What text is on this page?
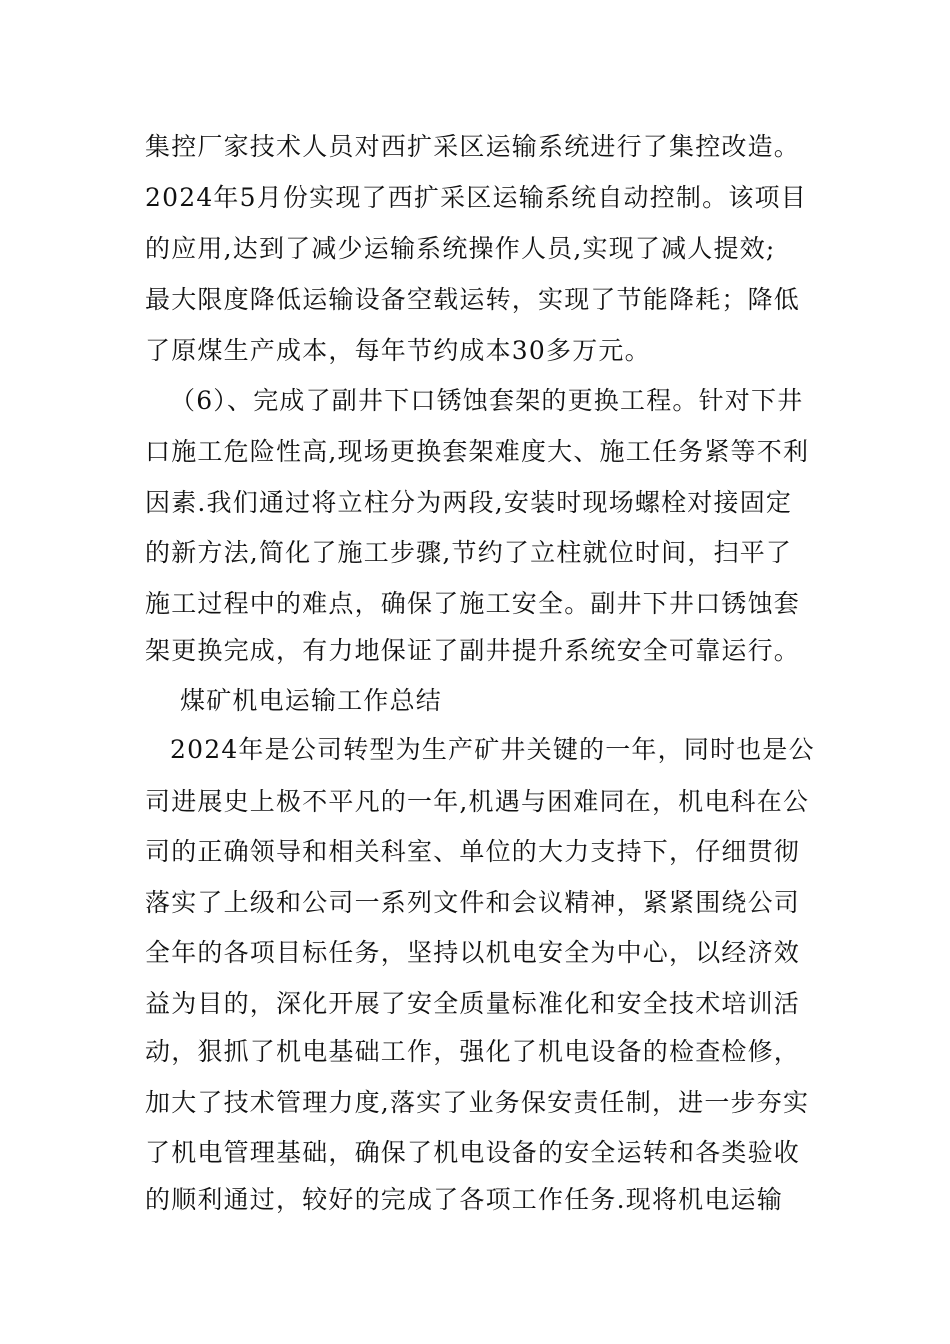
集控厂家技术人员对西扩采区运输系统进行了集控改造。
2024年5月份实现了西扩采区运输系统自动控制。该项目
的应用,达到了减少运输系统操作人员,实现了减人提效;
最大限度降低运输设备空载运转，实现了节能降耗；降低
了原煤生产成本，每年节约成本30多万元。
（6）、完成了副井下口锈蚀套架的更换工程。针对下井
口施工危险性高,现场更换套架难度大、施工任务紧等不利
因素.我们通过将立柱分为两段,安装时现场螺栓对接固定
的新方法,简化了施工步骤,节约了立柱就位时间，扫平了
施工过程中的难点，确保了施工安全。副井下井口锈蚀套
架更换完成，有力地保证了副井提升系统安全可靠运行。
煤矿机电运输工作总结
2024年是公司转型为生产矿井关键的一年，同时也是公
司进展史上极不平凡的一年,机遇与困难同在，机电科在公
司的正确领导和相关科室、单位的大力支持下，仔细贯彻
落实了上级和公司一系列文件和会议精神，紧紧围绕公司
全年的各项目标任务，坚持以机电安全为中心，以经济效
益为目的，深化开展了安全质量标准化和安全技术培训活
动，狠抓了机电基础工作，强化了机电设备的检查检修，
加大了技术管理力度,落实了业务保安责任制，进一步夯实
了机电管理基础，确保了机电设备的安全运转和各类验收
的顺利通过，较好的完成了各项工作任务.现将机电运输
